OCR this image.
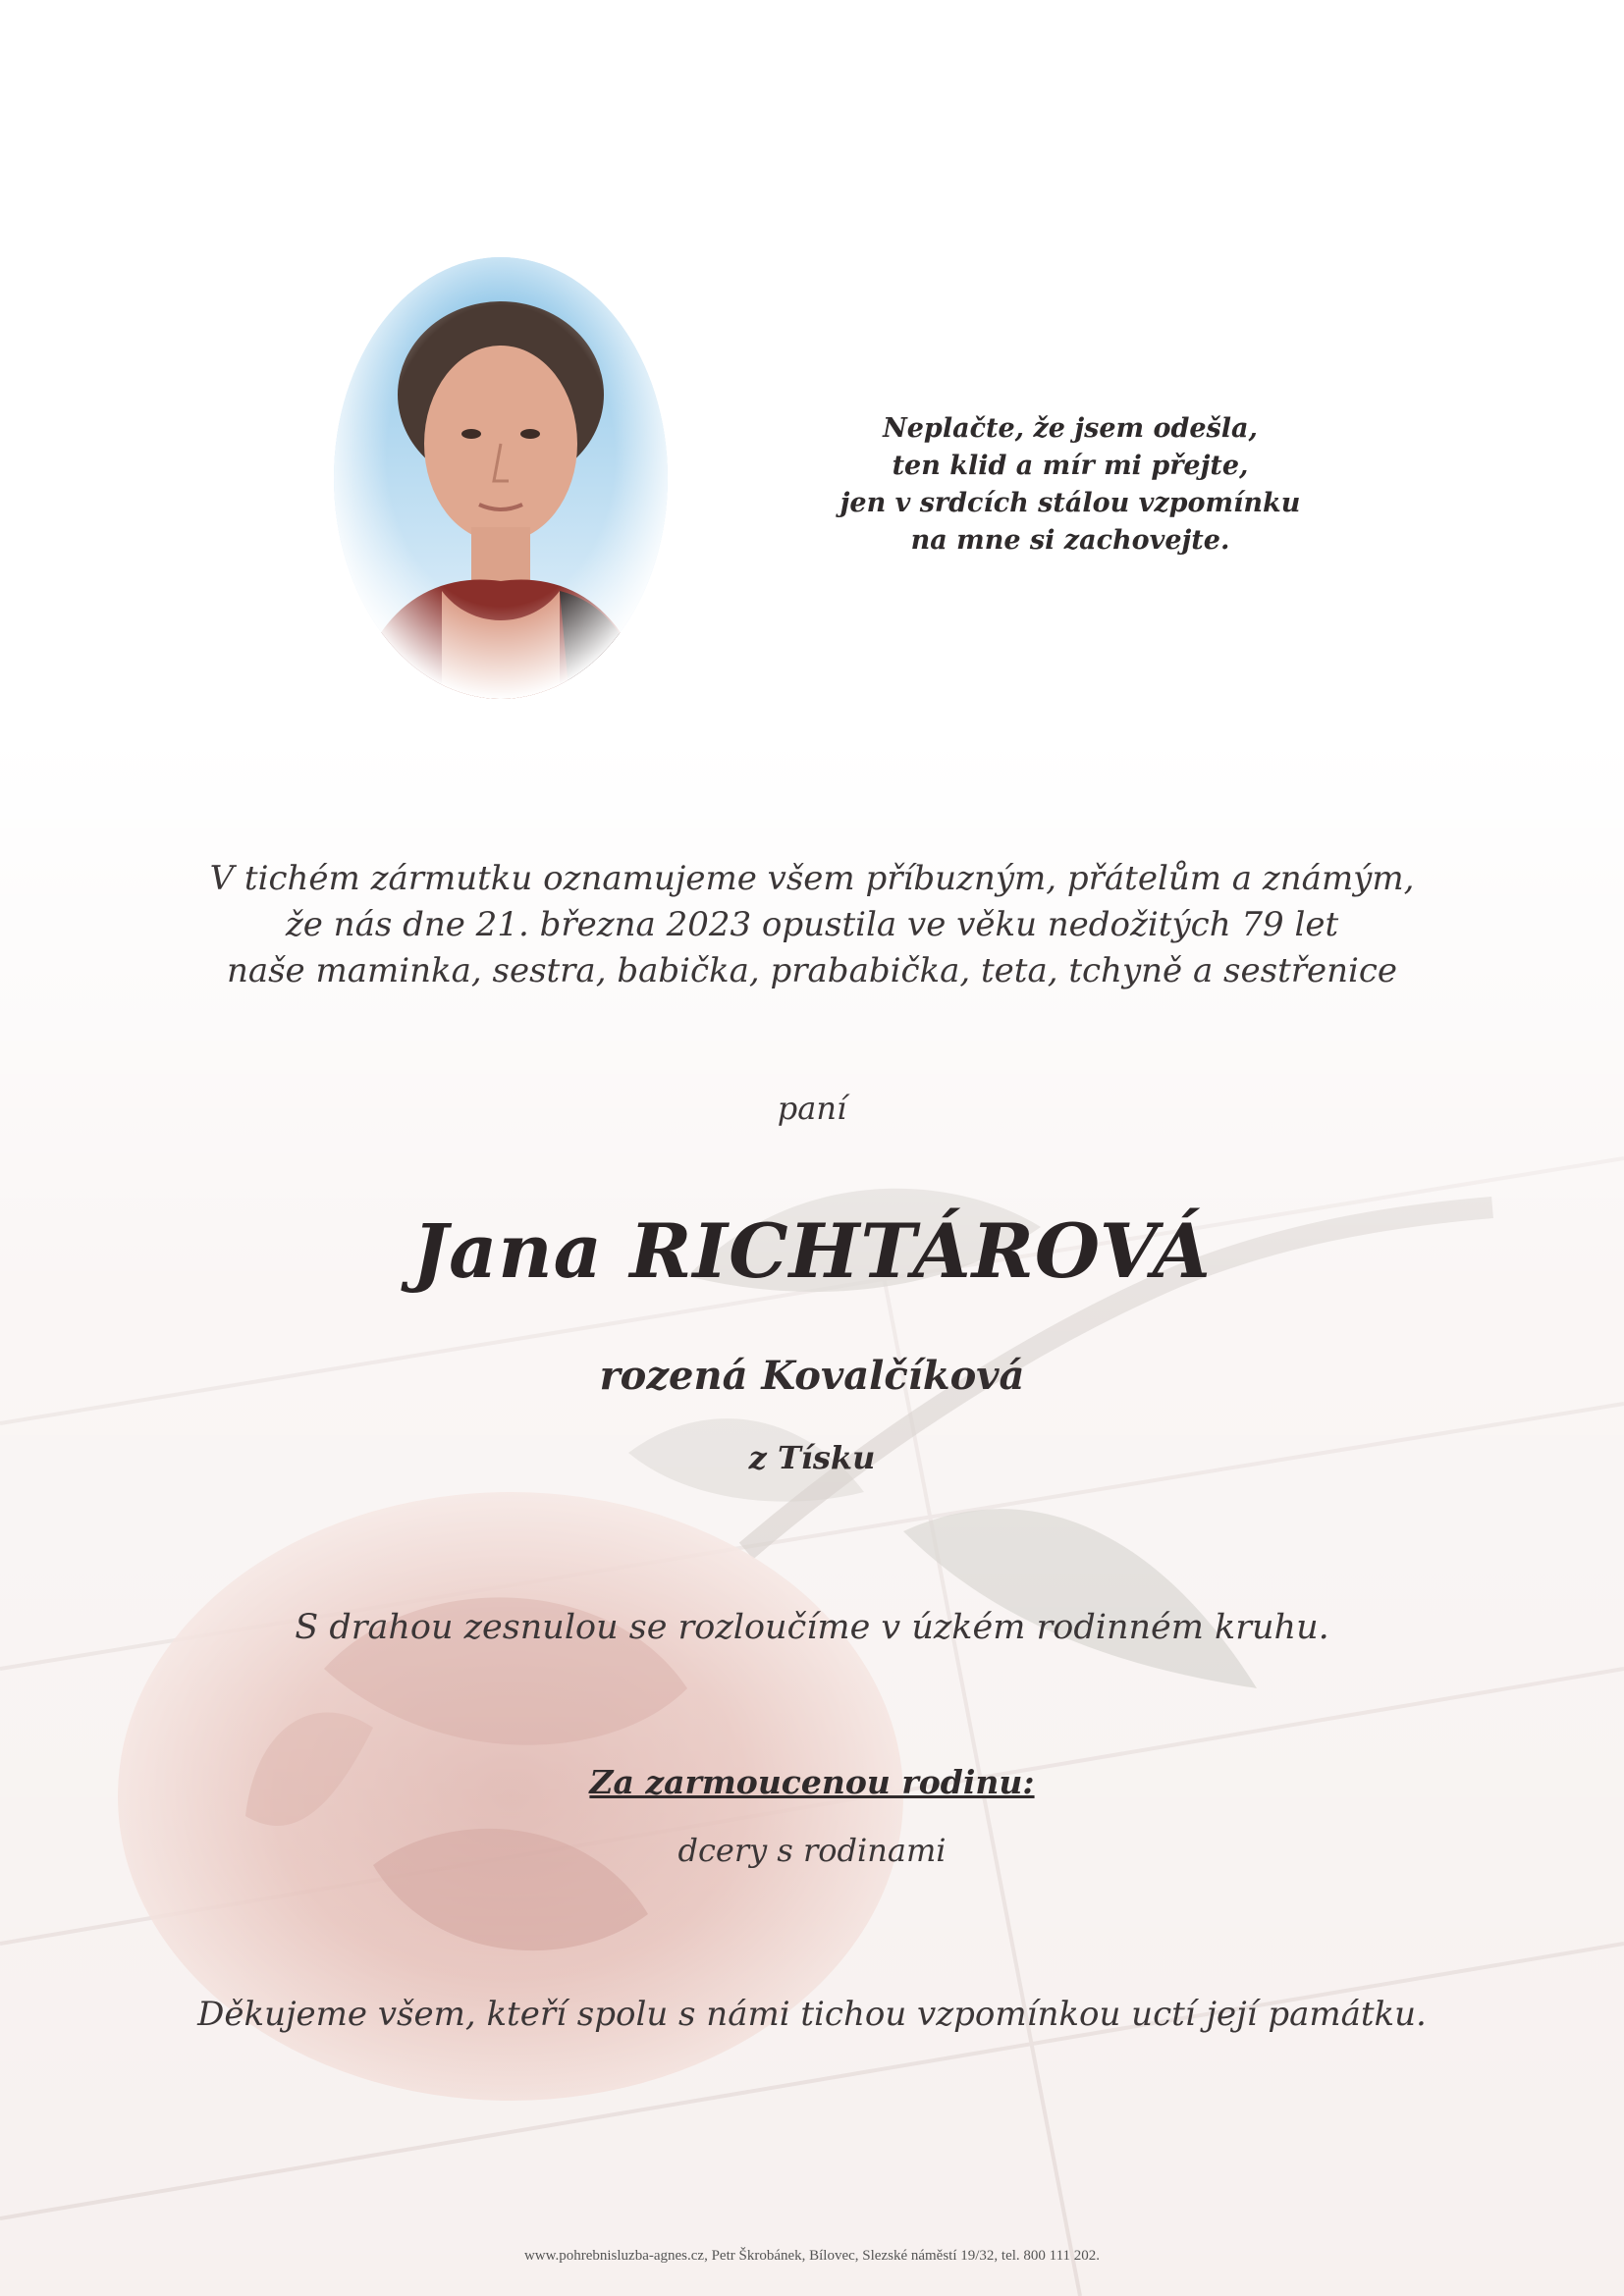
Neplačte, že jsem odešla,
ten klid a mír mi přejte,
jen v srdcích stálou vzpomínku
na mne si zachovejte.
V tichém zármutku oznamujeme všem příbuzným, přátelům a známým,
že nás dne 21. března 2023 opustila ve věku nedožitých 79 let
naše maminka, sestra, babička, prababička, teta, tchyně a sestřenice
paní
Jana RICHTÁROVÁ
rozená Kovalčíková
z Tísku
S drahou zesnulou se rozloučíme v úzkém rodinném kruhu.
Za zarmoucenou rodinu:
dcery s rodinami
Děkujeme všem, kteří spolu s námi tichou vzpomínkou uctí její památku.
www.pohrebnisluzba-agnes.cz, Petr Škrobánek, Bílovec, Slezské náměstí 19/32, tel. 800 111 202.
